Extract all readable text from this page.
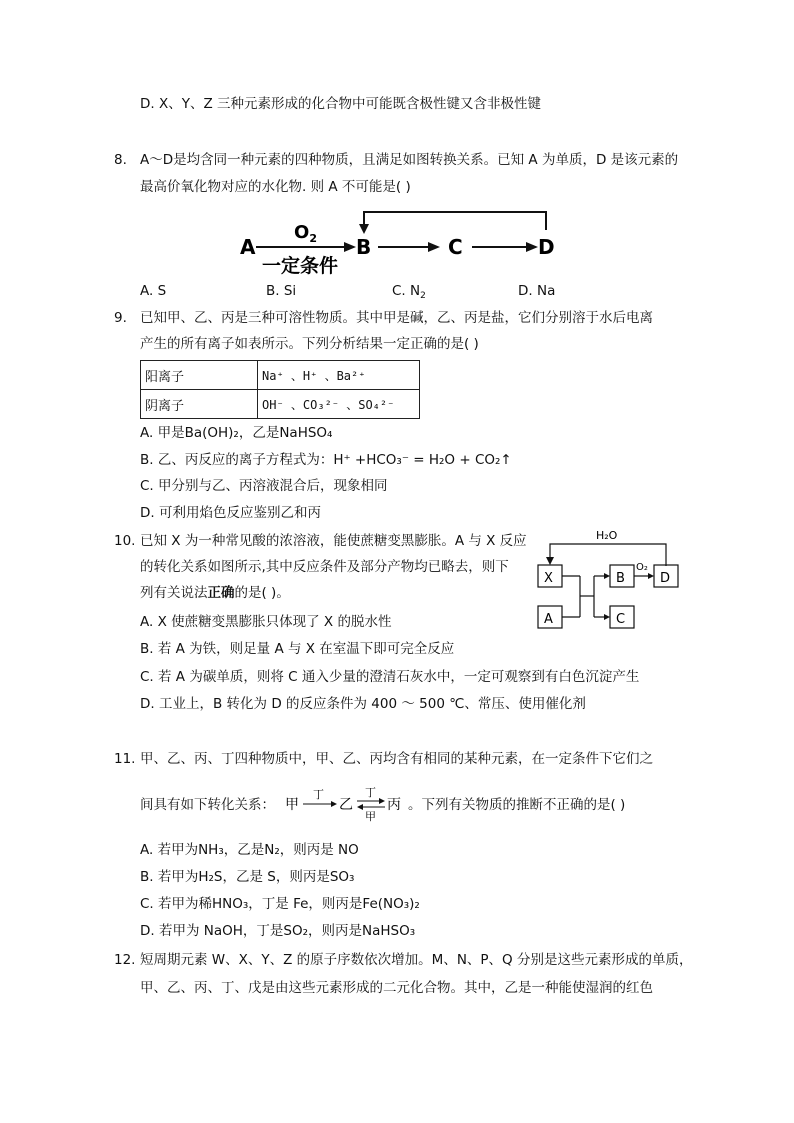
D. X、Y、Z 三种元素形成的化合物中可能既含极性键又含非极性键
8. A～D是均含同一种元素的四种物质，且满足如图转换关系。已知 A 为单质，D 是该元素的
最高价氧化物对应的水化物. 则 A 不可能是( )
A
$O_2$
一定条件
B	C	D
A. S	B. Si	C. $N_2$	D. Na
9. 已知甲、乙、丙是三种可溶性物质。其中甲是碱，乙、丙是盐，它们分别溶于水后电离
产生的所有离子如表所示。下列分析结果一定正确的是( )
阳离子	Na⁺ 、H⁺ 、Ba²⁺
阴离子	OH⁻ 、CO₃²⁻ 、SO₄²⁻
A. 甲是Ba(OH)₂，乙是NaHSO₄
B. 乙、丙反应的离子方程式为：H⁺ +HCO₃⁻ = H₂O + CO₂↑
C. 甲分别与乙、丙溶液混合后，现象相同
D. 可利用焰色反应鉴别乙和丙
10. 已知 X 为一种常见酸的浓溶液，能使蔗糖变黑膨胀。A 与 X 反应
的转化关系如图所示,其中反应条件及部分产物均已略去，则下
列有关说法正确的是( )。
H₂O
X
A
B
C
O₂
D
A. X 使蔗糖变黑膨胀只体现了 X 的脱水性
B. 若 A 为铁，则足量 A 与 X 在室温下即可完全反应
C. 若 A 为碳单质，则将 C 通入少量的澄清石灰水中，一定可观察到有白色沉淀产生
D. 工业上，B 转化为 D 的反应条件为 400 ～ 500 ℃、常压、使用催化剂
11. 甲、乙、丙、丁四种物质中，甲、乙、丙均含有相同的某种元素，在一定条件下它们之
间具有如下转化关系： 甲
丁
乙
丁
甲
丙 。下列有关物质的推断不正确的是( )
A. 若甲为NH₃，乙是N₂，则丙是 NO
B. 若甲为H₂S，乙是 S，则丙是SO₃
C. 若甲为稀HNO₃，丁是 Fe，则丙是Fe(NO₃)₂
D. 若甲为 NaOH，丁是SO₂，则丙是NaHSO₃
12. 短周期元素 W、X、Y、Z 的原子序数依次增加。M、N、P、Q 分别是这些元素形成的单质，
甲、乙、丙、丁、戊是由这些元素形成的二元化合物。其中，乙是一种能使湿润的红色
